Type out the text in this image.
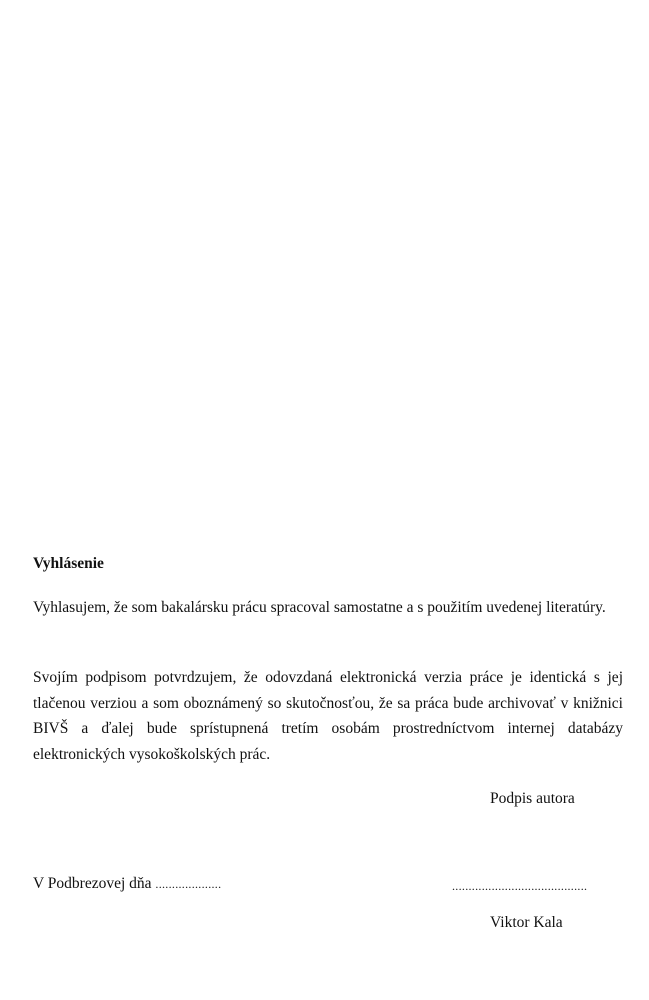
Vyhlásenie

Vyhlasujem, že som bakalársku prácu spracoval samostatne a s použitím uvedenej literatúry.

Svojím podpisom potvrdzujem, že odovzdaná elektronická verzia práce je identická s jej tlačenou verziou a som oboznámený so skutočnosťou, že sa práca bude archivovať v knižnici BIVŠ a ďalej bude sprístupnená tretím osobám prostredníctvom internej databázy elektronických vysokoškolských prác.

Podpis autora
V Podbrezovej dňa ....................	.........................................
Viktor Kala
